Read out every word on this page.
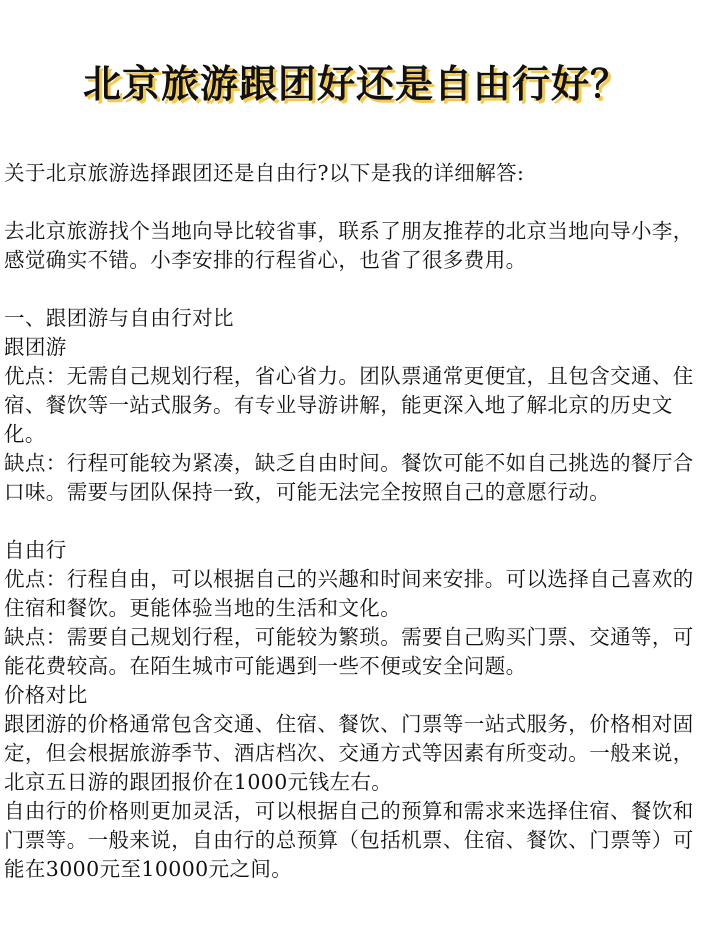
北京旅游跟团好还是自由行好？

关于北京旅游选择跟团还是自由行?以下是我的详细解答:

去北京旅游找个当地向导比较省事，联系了朋友推荐的北京当地向导小李，感觉确实不错。小李安排的行程省心，也省了很多费用。

一、跟团游与自由行对比

跟团游

优点：无需自己规划行程，省心省力。团队票通常更便宜，且包含交通、住宿、餐饮等一站式服务。有专业导游讲解，能更深入地了解北京的历史文化。

缺点：行程可能较为紧凑，缺乏自由时间。餐饮可能不如自己挑选的餐厅合口味。需要与团队保持一致，可能无法完全按照自己的意愿行动。

自由行

优点：行程自由，可以根据自己的兴趣和时间来安排。可以选择自己喜欢的住宿和餐饮。更能体验当地的生活和文化。

缺点：需要自己规划行程，可能较为繁琐。需要自己购买门票、交通等，可能花费较高。在陌生城市可能遇到一些不便或安全问题。

价格对比

跟团游的价格通常包含交通、住宿、餐饮、门票等一站式服务，价格相对固定，但会根据旅游季节、酒店档次、交通方式等因素有所变动。一般来说，北京五日游的跟团报价在1000元钱左右。

自由行的价格则更加灵活，可以根据自己的预算和需求来选择住宿、餐饮和门票等。一般来说，自由行的总预算（包括机票、住宿、餐饮、门票等）可能在3000元至10000元之间。
